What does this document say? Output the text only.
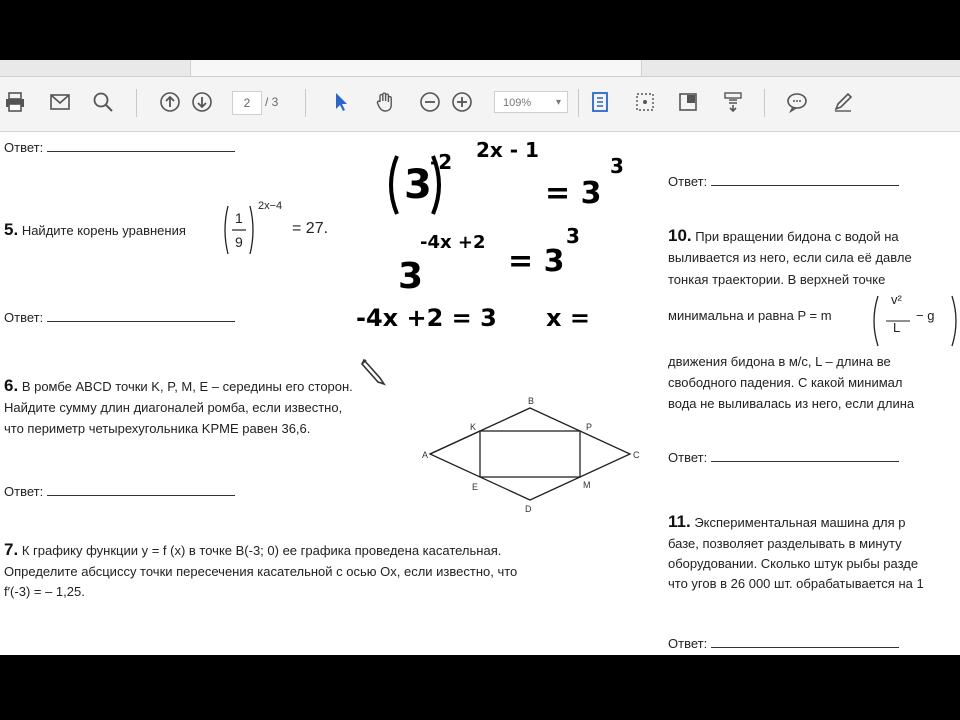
2	/ 3	109% ▾
Ответ:
5. Найдите корень уравнения
1
9
2x−4
= 27.
Ответ:
6. В ромбе ABCD точки K, P, M, E – середины его сторон.
Найдите сумму длин диагоналей ромба, если известно,
что периметр четырехугольника KPME равен 36,6.
Ответ:
7. К графику функции y = f (x) в точке B(-3; 0) ее графика проведена касательная.
Определите абсциссу точки пересечения касательной с осью Ox, если известно, что
f′(-3) = – 1,25.
3
-2 2x - 1
= 3
3
3
-4x +2
= 3
3
-4x +2 = 3 x =
A
B
C
D
K	P
M
E
Ответ:
10. При вращении бидона с водой на
выливается из него, если сила её давле
тонкая траектории. В верхней точке
минимальна и равна P = m
v²
L
− g
движения бидона в м/с, L – длина ве
свободного падения. С какой минимал
вода не выливалась из него, если длина
Ответ:
11. Экспериментальная машина для р
базе, позволяет разделывать в минуту
оборудовании. Сколько штук рыбы разде
что угов в 26 000 шт. обрабатывается на 1
Ответ:
